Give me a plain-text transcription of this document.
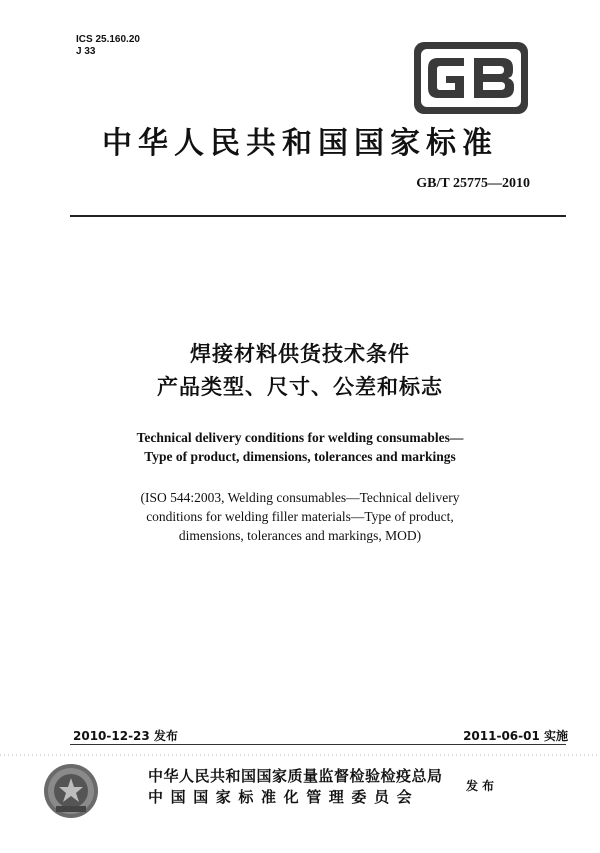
ICS 25.160.20
J 33
中华人民共和国国家标准
GB/T 25775—2010
焊接材料供货技术条件
产品类型、尺寸、公差和标志
Technical delivery conditions for welding consumables—
Type of product, dimensions, tolerances and markings
(ISO 544:2003, Welding consumables—Technical delivery
conditions for welding filler materials—Type of product,
dimensions, tolerances and markings, MOD)
2010-12-23 发布	2011-06-01 实施
中华人民共和国国家质量监督检验检疫总局
中国国家标准化管理委员会
发布
